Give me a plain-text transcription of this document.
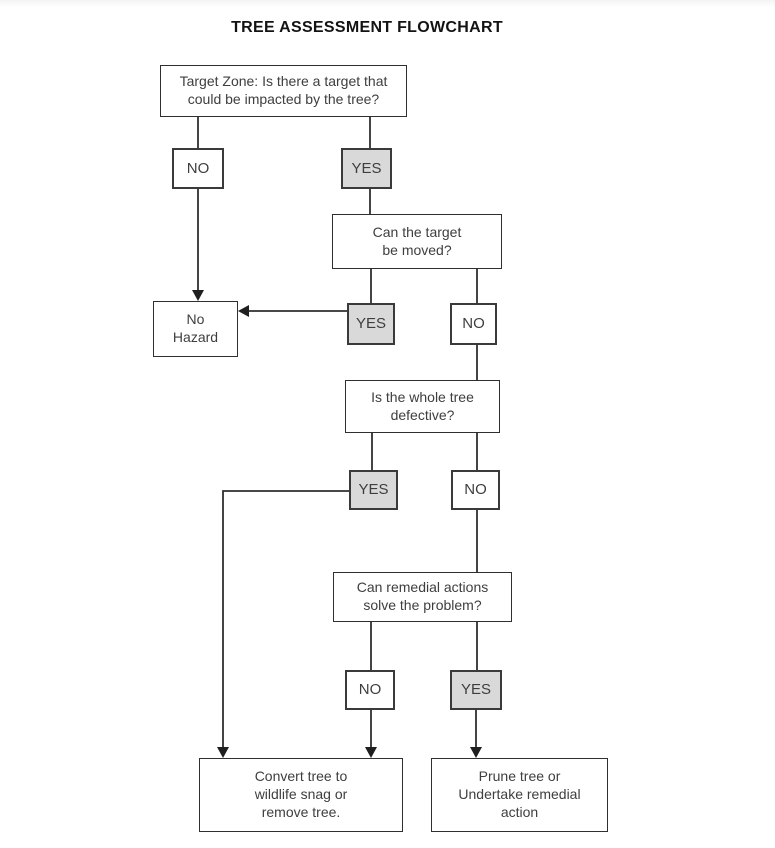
TREE ASSESSMENT FLOWCHART
Target Zone: Is there a target that
could be impacted by the tree?
NO	YES
Can the target
be moved?
No
Hazard
YES	NO
Is the whole tree
defective?
YES	NO
Can remedial actions
solve the problem?
NO	YES
Convert tree to
wildlife snag or
remove tree.
Prune tree or
Undertake remedial
action
